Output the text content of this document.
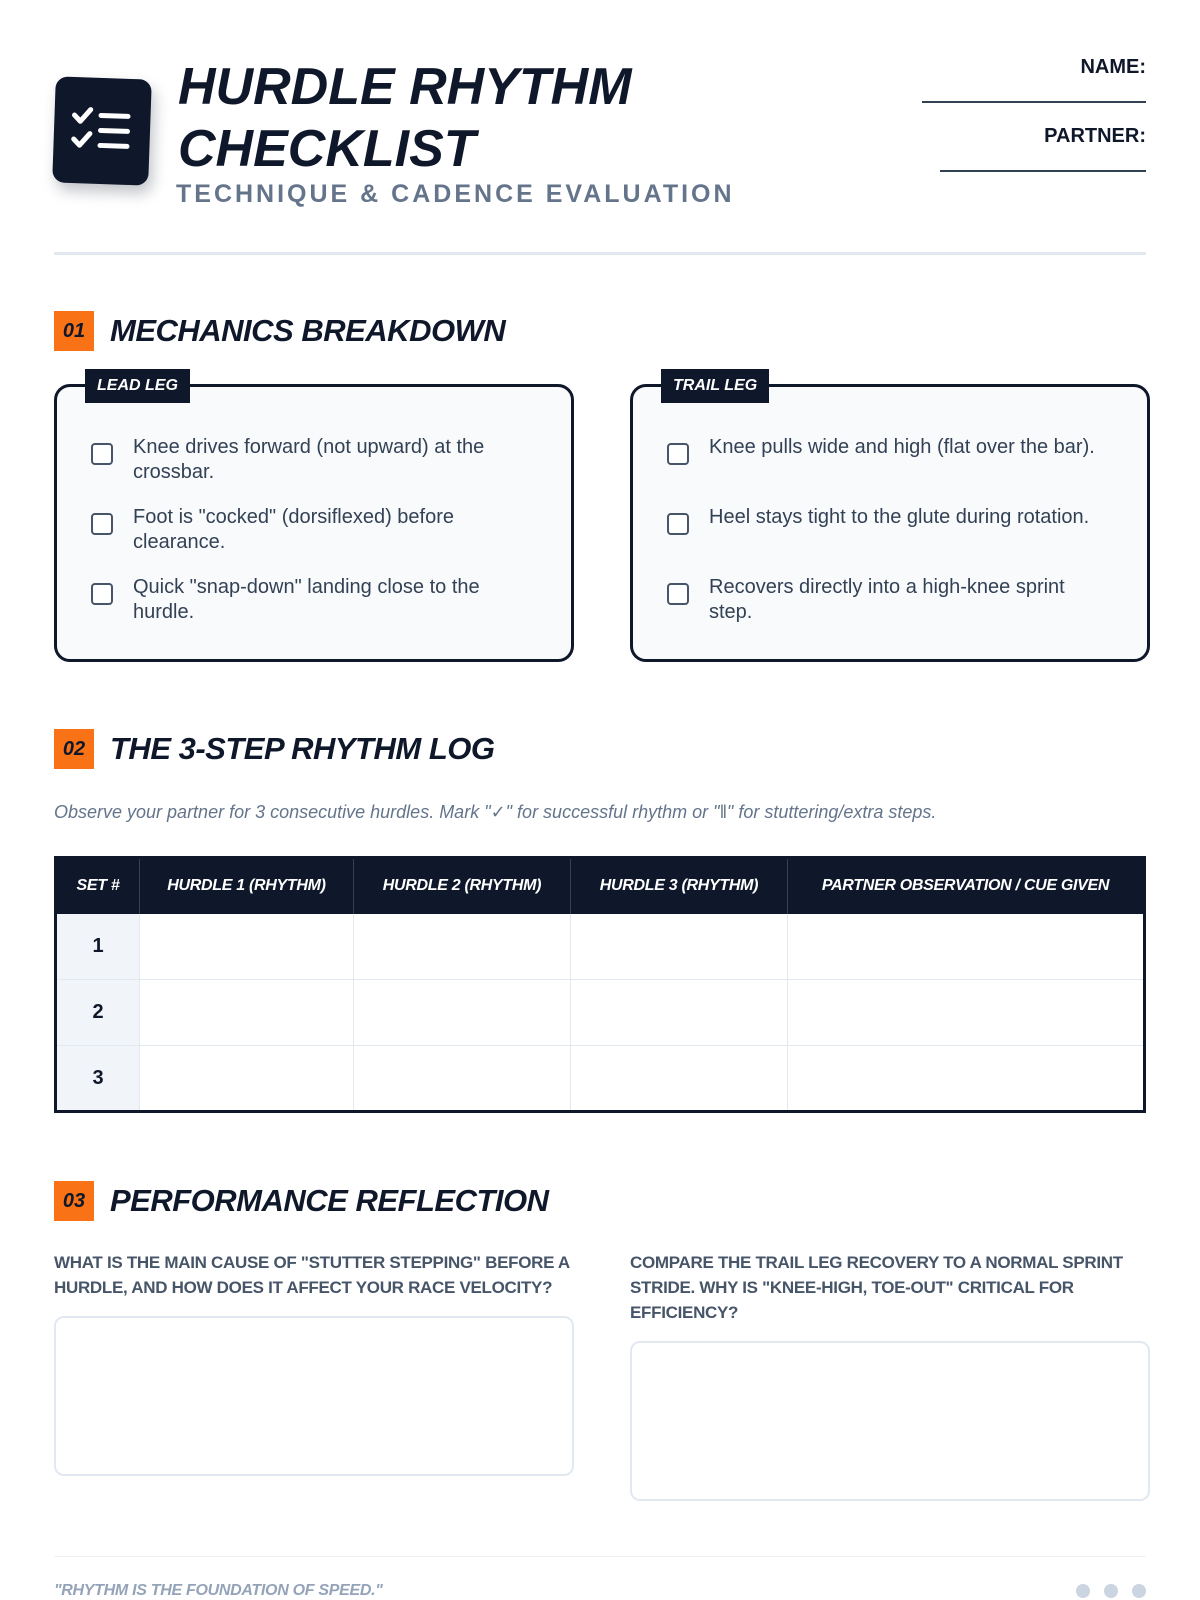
HURDLE RHYTHM CHECKLIST
TECHNIQUE & CADENCE EVALUATION
NAME:
PARTNER:
01 MECHANICS BREAKDOWN
LEAD LEG
Knee drives forward (not upward) at the crossbar.
Foot is "cocked" (dorsiflexed) before clearance.
Quick "snap-down" landing close to the hurdle.
TRAIL LEG
Knee pulls wide and high (flat over the bar).
Heel stays tight to the glute during rotation.
Recovers directly into a high-knee sprint step.
02 THE 3-STEP RHYTHM LOG
Observe your partner for 3 consecutive hurdles. Mark "✓" for successful rhythm or "‖" for stuttering/extra steps.
SET #	HURDLE 1 (RHYTHM)	HURDLE 2 (RHYTHM)	HURDLE 3 (RHYTHM)	PARTNER OBSERVATION / CUE GIVEN
1				
2				
3				
03 PERFORMANCE REFLECTION
WHAT IS THE MAIN CAUSE OF "STUTTER STEPPING" BEFORE A HURDLE, AND HOW DOES IT AFFECT YOUR RACE VELOCITY?
COMPARE THE TRAIL LEG RECOVERY TO A NORMAL SPRINT STRIDE. WHY IS "KNEE-HIGH, TOE-OUT" CRITICAL FOR EFFICIENCY?
"RHYTHM IS THE FOUNDATION OF SPEED."
